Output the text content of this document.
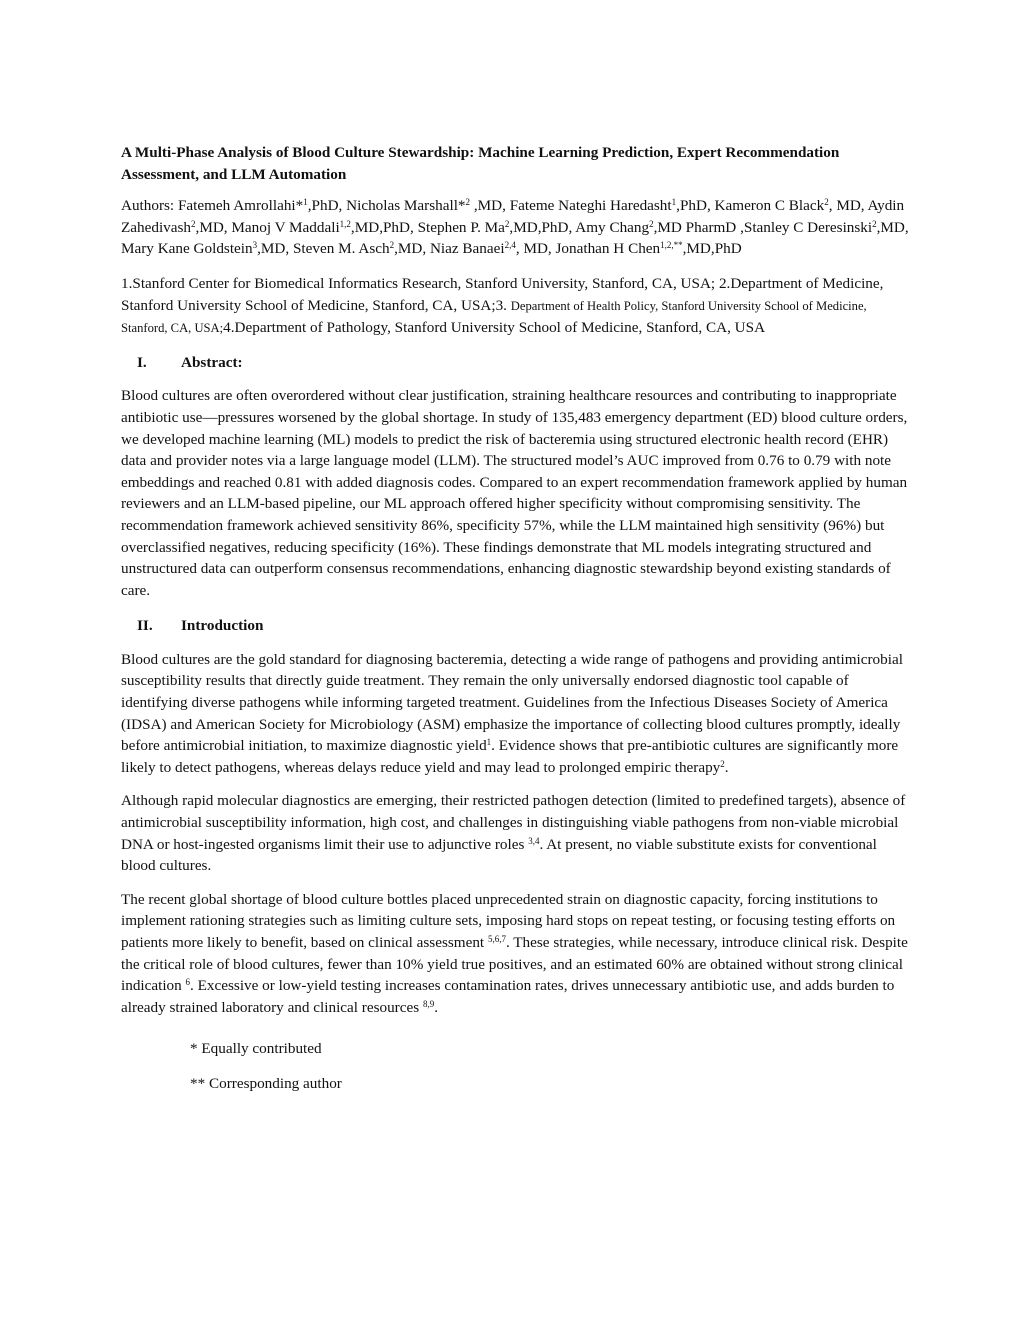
A Multi-Phase Analysis of Blood Culture Stewardship: Machine Learning Prediction, Expert Recommendation Assessment, and LLM Automation

Authors: Fatemeh Amrollahi*$^1$,PhD, Nicholas Marshall*$^2$ ,MD, Fateme Nateghi Haredasht$^1$,PhD, Kameron C Black$^2$, MD, Aydin Zahedivash$^2$,MD, Manoj V Maddali$^{1,2}$,MD,PhD, Stephen P. Ma$^2$,MD,PhD, Amy Chang$^2$,MD PharmD ,Stanley C Deresinski$^2$,MD, Mary Kane Goldstein$^3$,MD, Steven M. Asch$^2$,MD, Niaz Banaei$^{2,4}$, MD, Jonathan H Chen$^{1,2,**}$,MD,PhD

1.Stanford Center for Biomedical Informatics Research, Stanford University, Stanford, CA, USA; 2.Department of Medicine, Stanford University School of Medicine, Stanford, CA, USA;3. Department of Health Policy, Stanford University School of Medicine, Stanford, CA, USA;4.Department of Pathology, Stanford University School of Medicine, Stanford, CA, USA

I.	Abstract:

Blood cultures are often overordered without clear justification, straining healthcare resources and contributing to inappropriate antibiotic use—pressures worsened by the global shortage. In study of 135,483 emergency department (ED) blood culture orders, we developed machine learning (ML) models to predict the risk of bacteremia using structured electronic health record (EHR) data and provider notes via a large language model (LLM). The structured model’s AUC improved from 0.76 to 0.79 with note embeddings and reached 0.81 with added diagnosis codes. Compared to an expert recommendation framework applied by human reviewers and an LLM-based pipeline, our ML approach offered higher specificity without compromising sensitivity. The recommendation framework achieved sensitivity 86%, specificity 57%, while the LLM maintained high sensitivity (96%) but overclassified negatives, reducing specificity (16%). These findings demonstrate that ML models integrating structured and unstructured data can outperform consensus recommendations, enhancing diagnostic stewardship beyond existing standards of care.

II.	Introduction

Blood cultures are the gold standard for diagnosing bacteremia, detecting a wide range of pathogens and providing antimicrobial susceptibility results that directly guide treatment. They remain the only universally endorsed diagnostic tool capable of identifying diverse pathogens while informing targeted treatment. Guidelines from the Infectious Diseases Society of America (IDSA) and American Society for Microbiology (ASM) emphasize the importance of collecting blood cultures promptly, ideally before antimicrobial initiation, to maximize diagnostic yield$^1$. Evidence shows that pre-antibiotic cultures are significantly more likely to detect pathogens, whereas delays reduce yield and may lead to prolonged empiric therapy$^2$.

Although rapid molecular diagnostics are emerging, their restricted pathogen detection (limited to predefined targets), absence of antimicrobial susceptibility information, high cost, and challenges in distinguishing viable pathogens from non-viable microbial DNA or host-ingested organisms limit their use to adjunctive roles $^{3,4}$. At present, no viable substitute exists for conventional blood cultures.

The recent global shortage of blood culture bottles placed unprecedented strain on diagnostic capacity, forcing institutions to implement rationing strategies such as limiting culture sets, imposing hard stops on repeat testing, or focusing testing efforts on patients more likely to benefit, based on clinical assessment $^{5,6,7}$. These strategies, while necessary, introduce clinical risk. Despite the critical role of blood cultures, fewer than 10% yield true positives, and an estimated 60% are obtained without strong clinical indication $^6$. Excessive or low-yield testing increases contamination rates, drives unnecessary antibiotic use, and adds burden to already strained laboratory and clinical resources $^{8,9}$.

* Equally contributed
** Corresponding author
